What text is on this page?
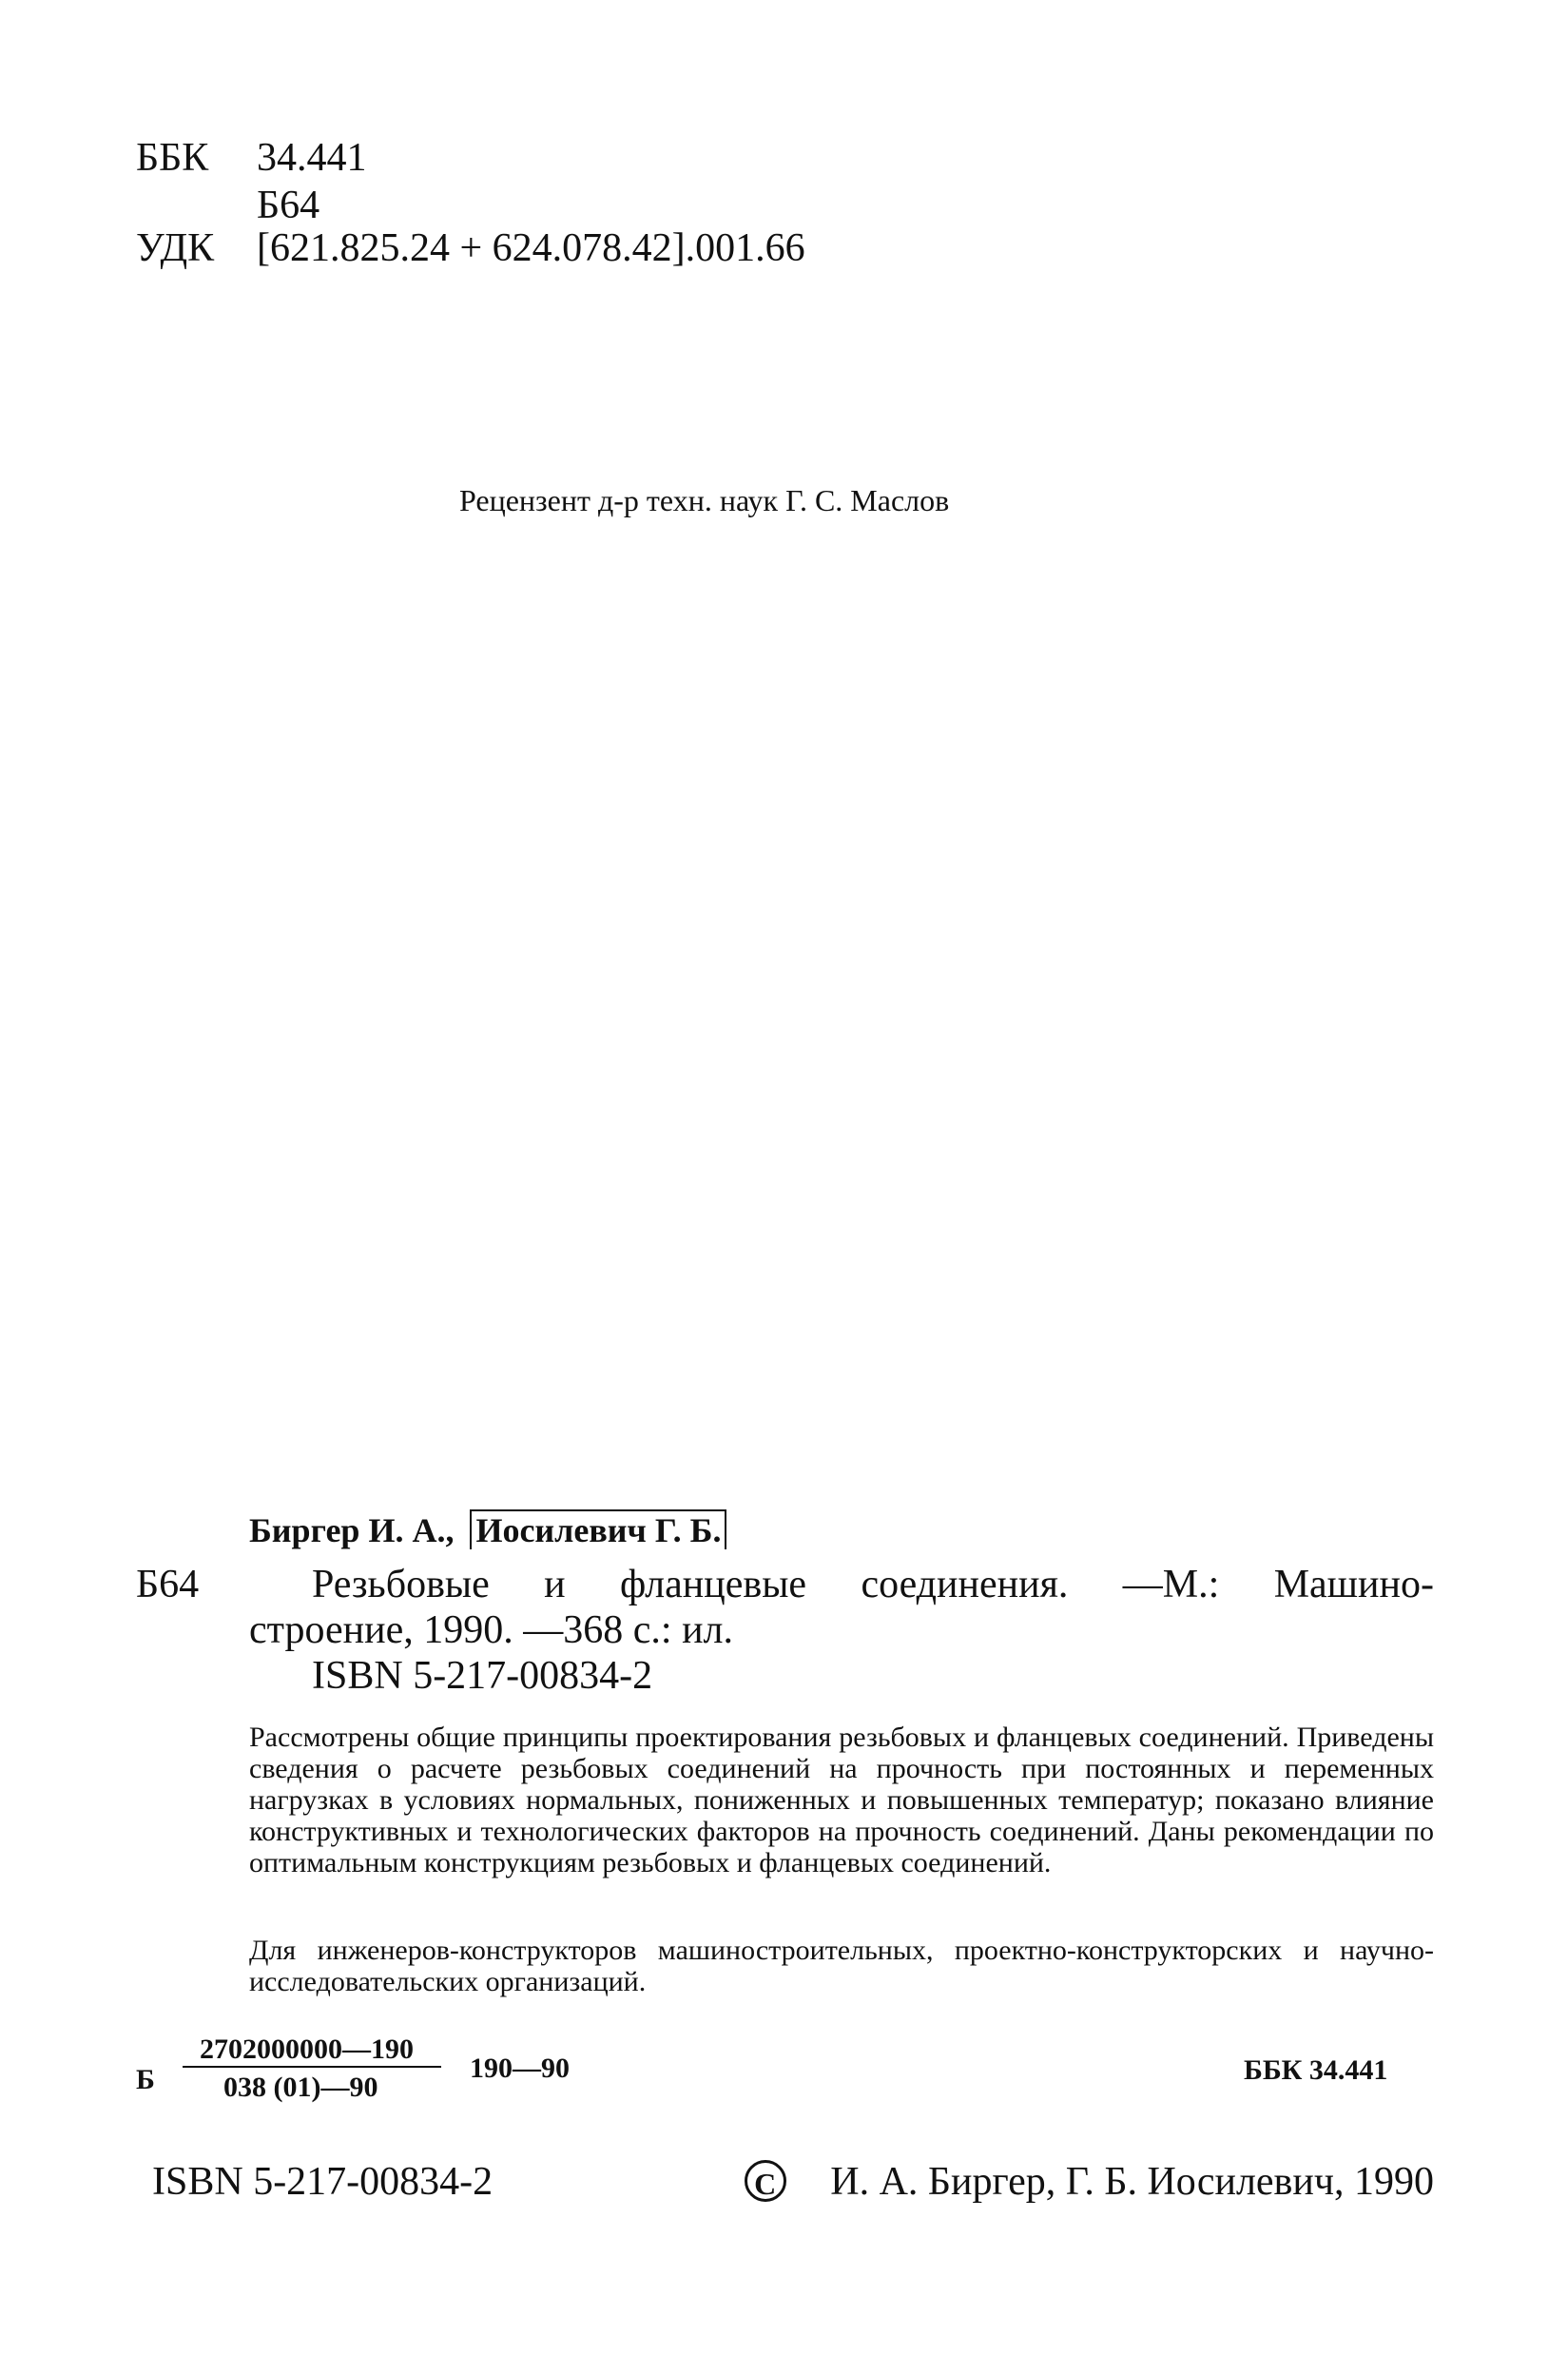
ББК 34.441
Б64
УДК [621.825.24 + 624.078.42].001.66
Рецензент д-р техн. наук Г. С. Маслов
Биргер И. А., Иосилевич Г. Б.
Б64	Резьбовые и фланцевые соединения. —М.: Машино-
строение, 1990. —368 с.: ил.
ISBN 5-217-00834-2
Рассмотрены общие принципы проектирования резьбовых и фланцевых соединений. Приведены сведения о расчете резьбовых соединений на прочность при постоянных и переменных нагрузках в условиях нормальных, пониженных и повышенных температур; показано влияние конструктивных и технологических факторов на прочность соединений. Даны рекомендации по оптимальным конструкциям резьбовых и фланцевых соединений.
Для инженеров-конструкторов машиностроительных, проектно-конструкторских и научно-исследовательских организаций.
Б
2702000000—190
038 (01)—90
190—90	ББК 34.441
ISBN 5-217-00834-2	C И. А. Биргер, Г. Б. Иосилевич, 1990
